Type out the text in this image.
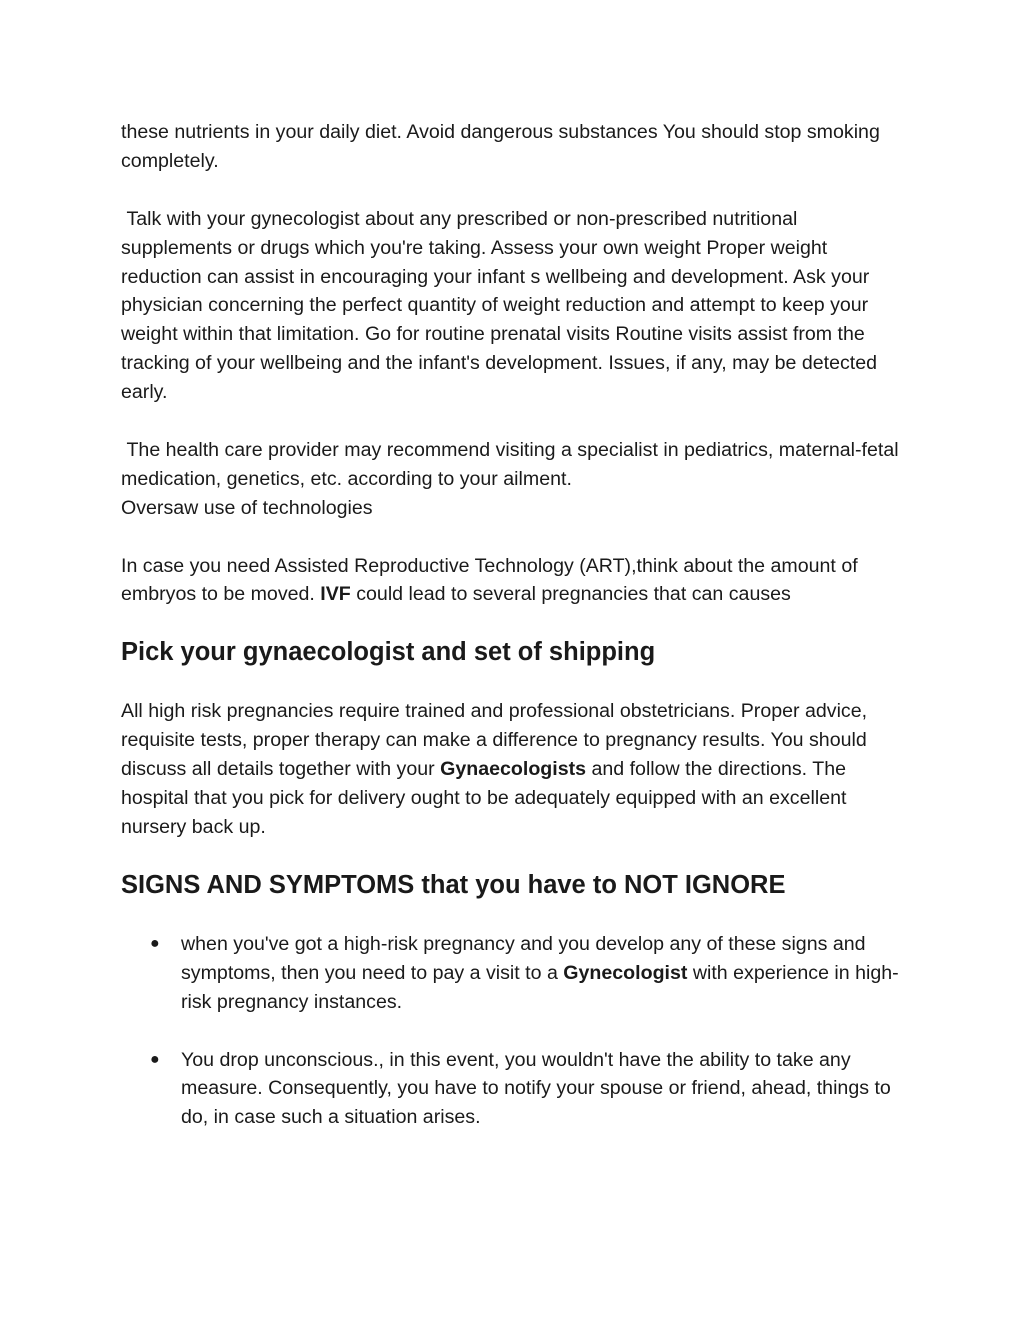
these nutrients in your daily diet. Avoid dangerous substances You should stop smoking completely.

Talk with your gynecologist about any prescribed or non-prescribed nutritional supplements or drugs which you're taking. Assess your own weight Proper weight reduction can assist in encouraging your infant s wellbeing and development. Ask your physician concerning the perfect quantity of weight reduction and attempt to keep your weight within that limitation. Go for routine prenatal visits Routine visits assist from the tracking of your wellbeing and the infant's development. Issues, if any, may be detected early.

The health care provider may recommend visiting a specialist in pediatrics, maternal-fetal medication, genetics, etc. according to your ailment.

Oversaw use of technologies

In case you need Assisted Reproductive Technology (ART),think about the amount of embryos to be moved. IVF could lead to several pregnancies that can causes

Pick your gynaecologist and set of shipping

All high risk pregnancies require trained and professional obstetricians. Proper advice, requisite tests, proper therapy can make a difference to pregnancy results. You should discuss all details together with your Gynaecologists and follow the directions. The hospital that you pick for delivery ought to be adequately equipped with an excellent nursery back up.

SIGNS AND SYMPTOMS that you have to NOT IGNORE
● when you've got a high-risk pregnancy and you develop any of these signs and symptoms, then you need to pay a visit to a Gynecologist with experience in high-risk pregnancy instances.
● You drop unconscious., in this event, you wouldn't have the ability to take any measure. Consequently, you have to notify your spouse or friend, ahead, things to do, in case such a situation arises.
